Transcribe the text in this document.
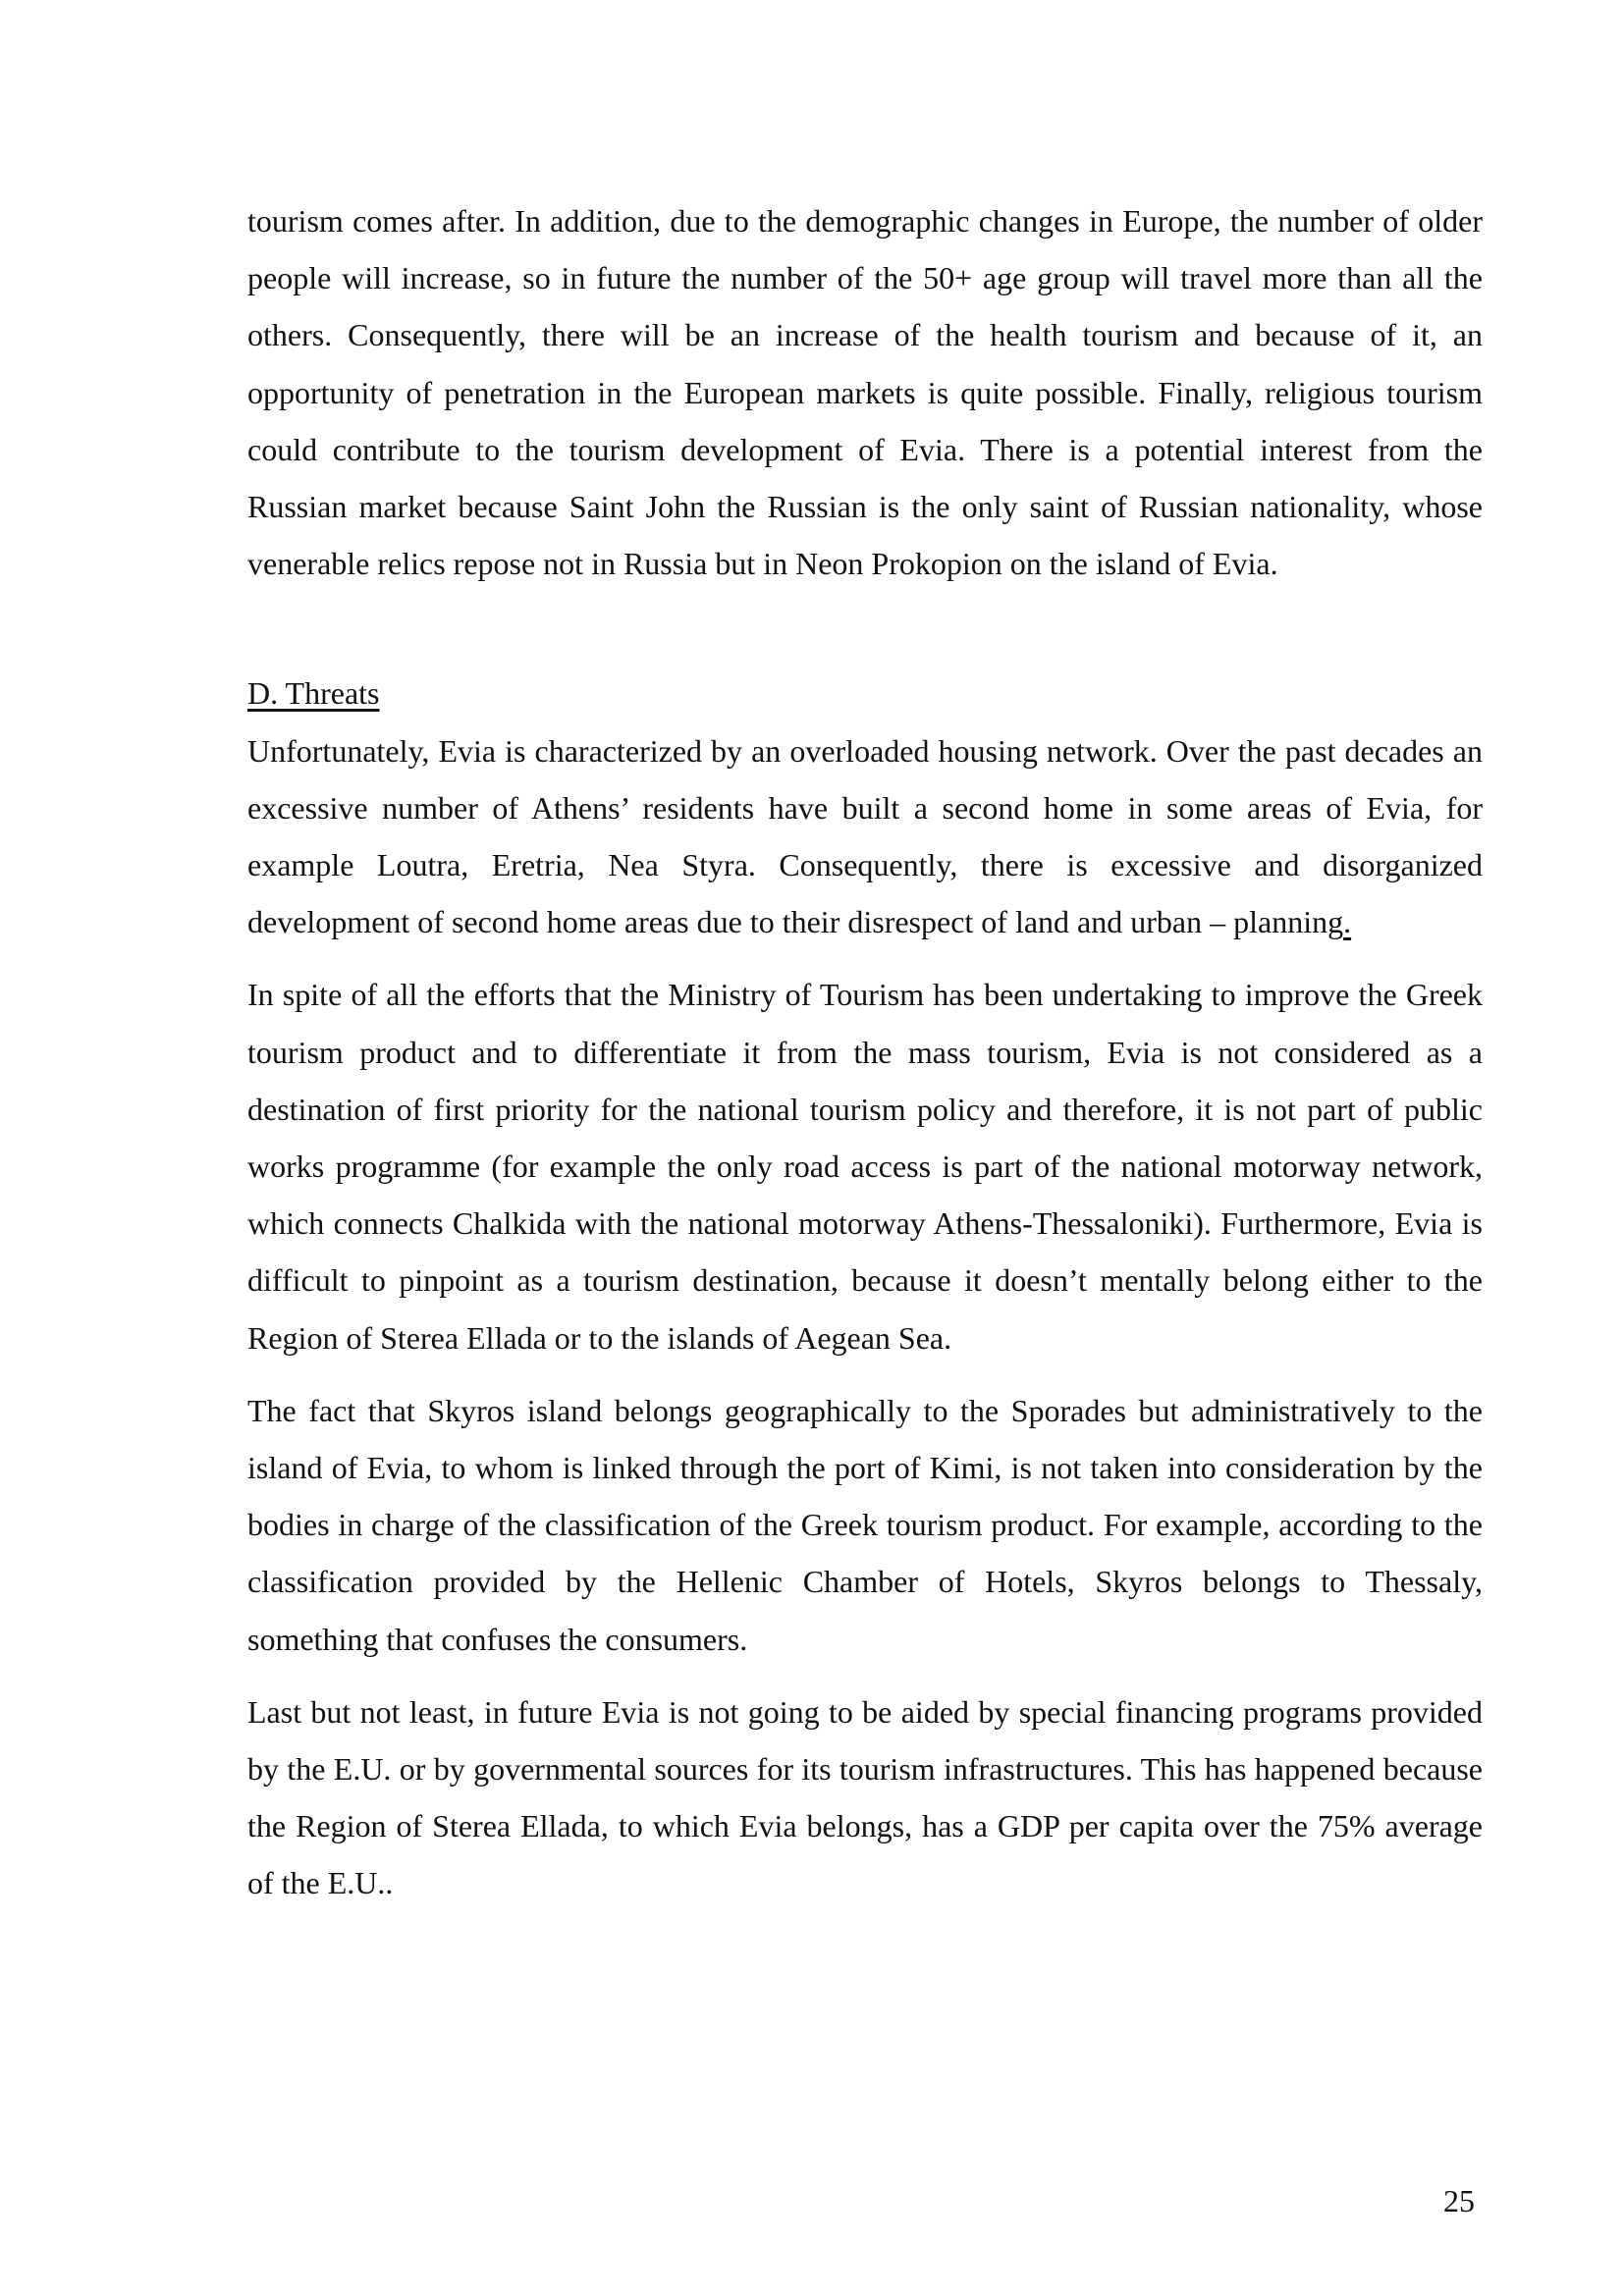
tourism comes after. In addition, due to the demographic changes in Europe, the number of older people will increase, so in future the number of the 50+ age group will travel more than all the others. Consequently, there will be an increase of the health tourism and because of it, an opportunity of penetration in the European markets is quite possible. Finally, religious tourism could contribute to the tourism development of Evia. There is a potential interest from the Russian market because Saint John the Russian is the only saint of Russian nationality, whose venerable relics repose not in Russia but in Neon Prokopion on the island of Evia.

D. Threats

Unfortunately, Evia is characterized by an overloaded housing network. Over the past decades an excessive number of Athens’ residents have built a second home in some areas of Evia, for example Loutra, Eretria, Nea Styra. Consequently, there is excessive and disorganized development of second home areas due to their disrespect of land and urban – planning.

In spite of all the efforts that the Ministry of Tourism has been undertaking to improve the Greek tourism product and to differentiate it from the mass tourism, Evia is not considered as a destination of first priority for the national tourism policy and therefore, it is not part of public works programme (for example the only road access is part of the national motorway network, which connects Chalkida with the national motorway Athens-Thessaloniki). Furthermore, Evia is difficult to pinpoint as a tourism destination, because it doesn’t mentally belong either to the Region of Sterea Ellada or to the islands of Aegean Sea.

The fact that Skyros island belongs geographically to the Sporades but administratively to the island of Evia, to whom is linked through the port of Kimi, is not taken into consideration by the bodies in charge of the classification of the Greek tourism product. For example, according to the classification provided by the Hellenic Chamber of Hotels, Skyros belongs to Thessaly, something that confuses the consumers.

Last but not least, in future Evia is not going to be aided by special financing programs provided by the E.U. or by governmental sources for its tourism infrastructures. This has happened because the Region of Sterea Ellada, to which Evia belongs, has a GDP per capita over the 75% average of the E.U..

25
